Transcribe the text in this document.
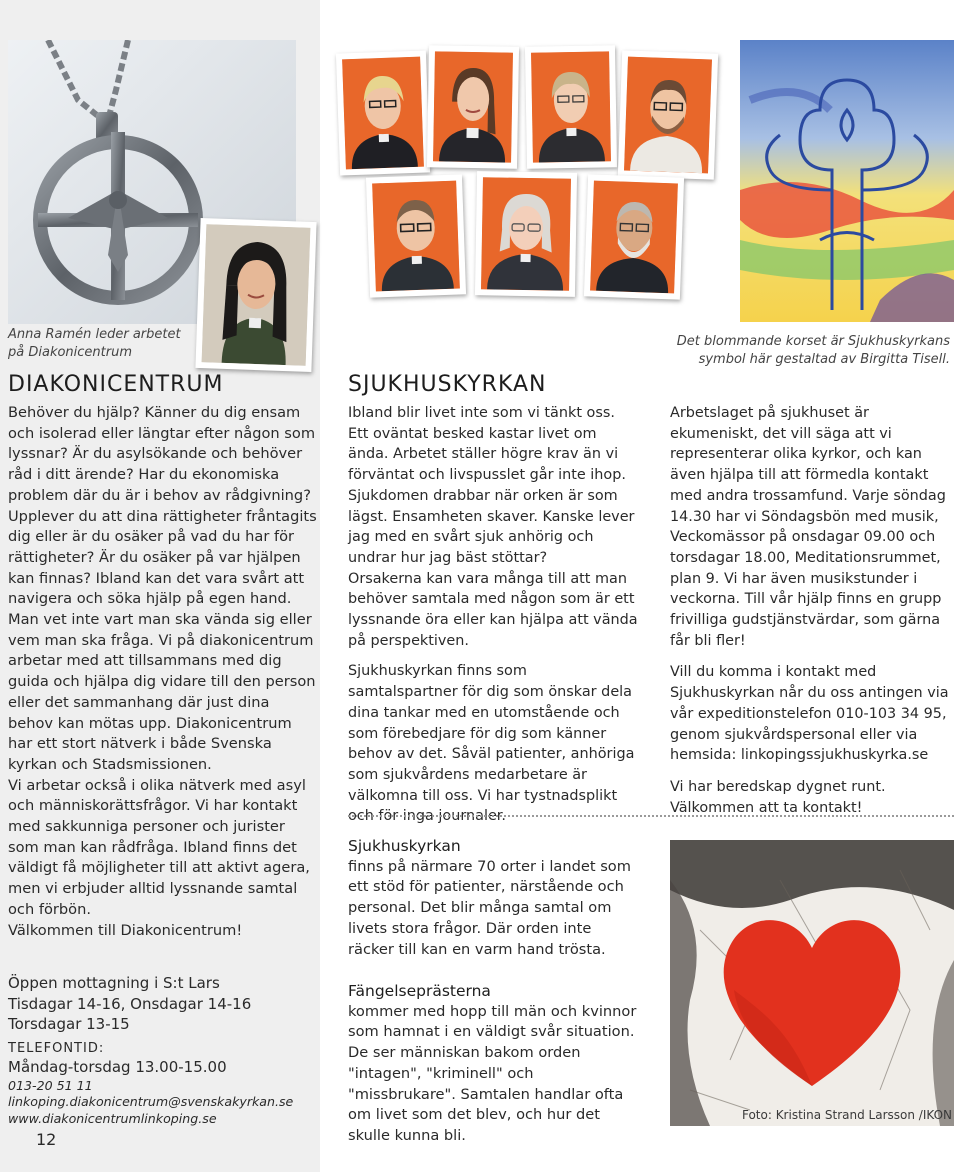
Anna Ramén leder arbetet
på Diakonicentrum
DIAKONICENTRUM

Behöver du hjälp? Känner du dig ensam och isolerad eller längtar efter någon som lyssnar? Är du asylsökande och behöver råd i ditt ärende? Har du ekonomiska problem där du är i behov av rådgivning? Upplever du att dina rättigheter fråntagits dig eller är du osäker på vad du har för rättigheter? Är du osäker på var hjälpen kan finnas? Ibland kan det vara svårt att navigera och söka hjälp på egen hand. Man vet inte vart man ska vända sig eller vem man ska fråga. Vi på diakonicentrum arbetar med att tillsammans med dig guida och hjälpa dig vidare till den person eller det sammanhang där just dina behov kan mötas upp. Diakonicentrum har ett stort nätverk i både Svenska kyrkan och Stadsmissionen.

Vi arbetar också i olika nätverk med asyl och människorättsfrågor. Vi har kontakt med sakkunniga personer och jurister som man kan rådfråga. Ibland finns det väldigt få möjligheter till att aktivt agera, men vi erbjuder alltid lyssnande samtal och förbön.

Välkommen till Diakonicentrum!

Öppen mottagning i S:t Lars
Tisdagar 14-16, Onsdagar 14-16
Torsdagar 13-15
TELEFONTID:
Måndag-torsdag 13.00-15.00
013-20 51 11
linkoping.diakonicentrum@svenskakyrkan.se
www.diakonicentrumlinkoping.se
12
Det blommande korset är Sjukhuskyrkans
symbol här gestaltad av Birgitta Tisell.
SJUKHUSKYRKAN

Ibland blir livet inte som vi tänkt oss. Ett oväntat besked kastar livet om ända. Arbetet ställer högre krav än vi förväntat och livspusslet går inte ihop. Sjukdomen drabbar när orken är som lägst. Ensamheten skaver. Kanske lever jag med en svårt sjuk anhörig och undrar hur jag bäst stöttar?

Orsakerna kan vara många till att man behöver samtala med någon som är ett lyssnande öra eller kan hjälpa att vända på perspektiven.

Sjukhuskyrkan finns som samtalspartner för dig som önskar dela dina tankar med en utomstående och som förebedjare för dig som känner behov av det. Såväl patienter, anhöriga som sjukvårdens medarbetare är välkomna till oss. Vi har tystnadsplikt och för inga journaler.

Sjukhuskyrkan
finns på närmare 70 orter i landet som ett stöd för patienter, närstående och personal. Det blir många samtal om livets stora frågor. Där orden inte räcker till kan en varm hand trösta.
Fängelseprästerna
kommer med hopp till män och kvinnor som hamnat i en väldigt svår situation. De ser människan bakom orden "intagen", "kriminell" och "missbrukare". Samtalen handlar ofta om livet som det blev, och hur det skulle kunna bli.

Arbetslaget på sjukhuset är ekumeniskt, det vill säga att vi representerar olika kyrkor, och kan även hjälpa till att förmedla kontakt med andra trossamfund. Varje söndag 14.30 har vi Söndagsbön med musik, Veckomässor på onsdagar 09.00 och torsdagar 18.00, Meditationsrummet, plan 9. Vi har även musikstunder i veckorna. Till vår hjälp finns en grupp frivilliga gudstjänstvärdar, som gärna får bli fler!

Vill du komma i kontakt med Sjukhuskyrkan når du oss antingen via vår expeditionstelefon 010-103 34 95, genom sjukvårdspersonal eller via hemsida: linkopingssjukhuskyrka.se

Vi har beredskap dygnet runt. Välkommen att ta kontakt!

Foto: Kristina Strand Larsson /IKON
